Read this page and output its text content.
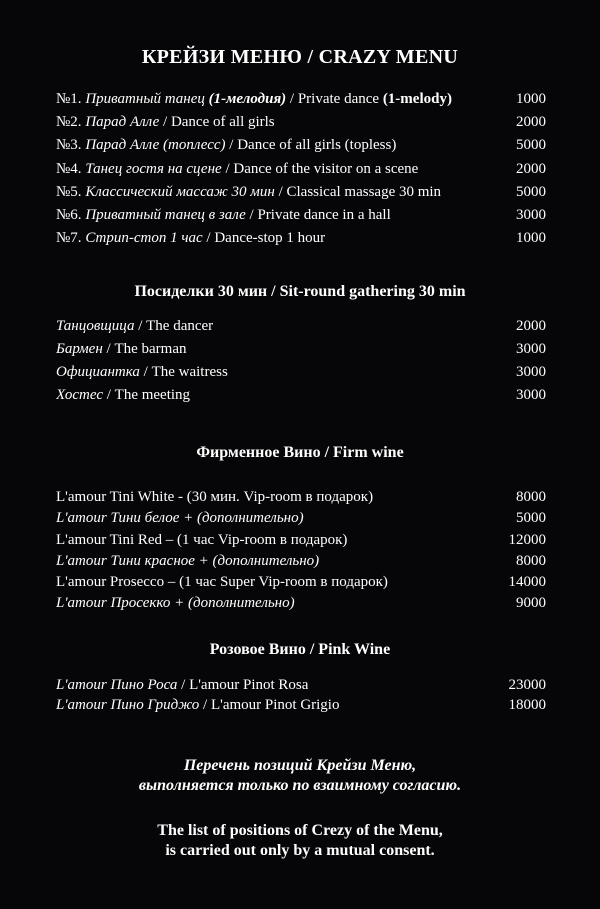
КРЕЙЗИ МЕНЮ / CRAZY MENU
№1. Приватный танец (1-мелодия) / Private dance (1-melody)	1000
№2. Парад Алле / Dance of all girls	2000
№3. Парад Алле (топлесс) / Dance of all girls (topless)	5000
№4. Танец гостя на сцене / Dance of the visitor on a scene	2000
№5. Классический массаж 30 мин / Classical massage 30 min	5000
№6. Приватный танец в зале / Private dance in a hall	3000
№7. Стрип-стоп 1 час / Dance-stop 1 hour	1000
Посиделки 30 мин / Sit-round gathering 30 min
Танцовщица / The dancer	2000
Бармен / The barman	3000
Официантка / The waitress	3000
Хостес / The meeting	3000
Фирменное Вино / Firm wine
L'amour Tini White - (30 мин. Vip-room в подарок)	8000
L'amour Тини белое + (дополнительно)	5000
L'amour Tini Red – (1 час Vip-room в подарок)	12000
L'amour Тини красное + (дополнительно)	8000
L'amour Prosecco – (1 час Super Vip-room в подарок)	14000
L'amour Просекко + (дополнительно)	9000
Розовое Вино / Pink Wine
L'amour Пино Роса / L'amour Pinot Rosa	23000
L'amour Пино Гриджо / L'amour Pinot Grigio	18000
Перечень позиций Крейзи Меню,
выполняется только по взаимному согласию.
The list of positions of Crezy of the Menu,
is carried out only by a mutual consent.
